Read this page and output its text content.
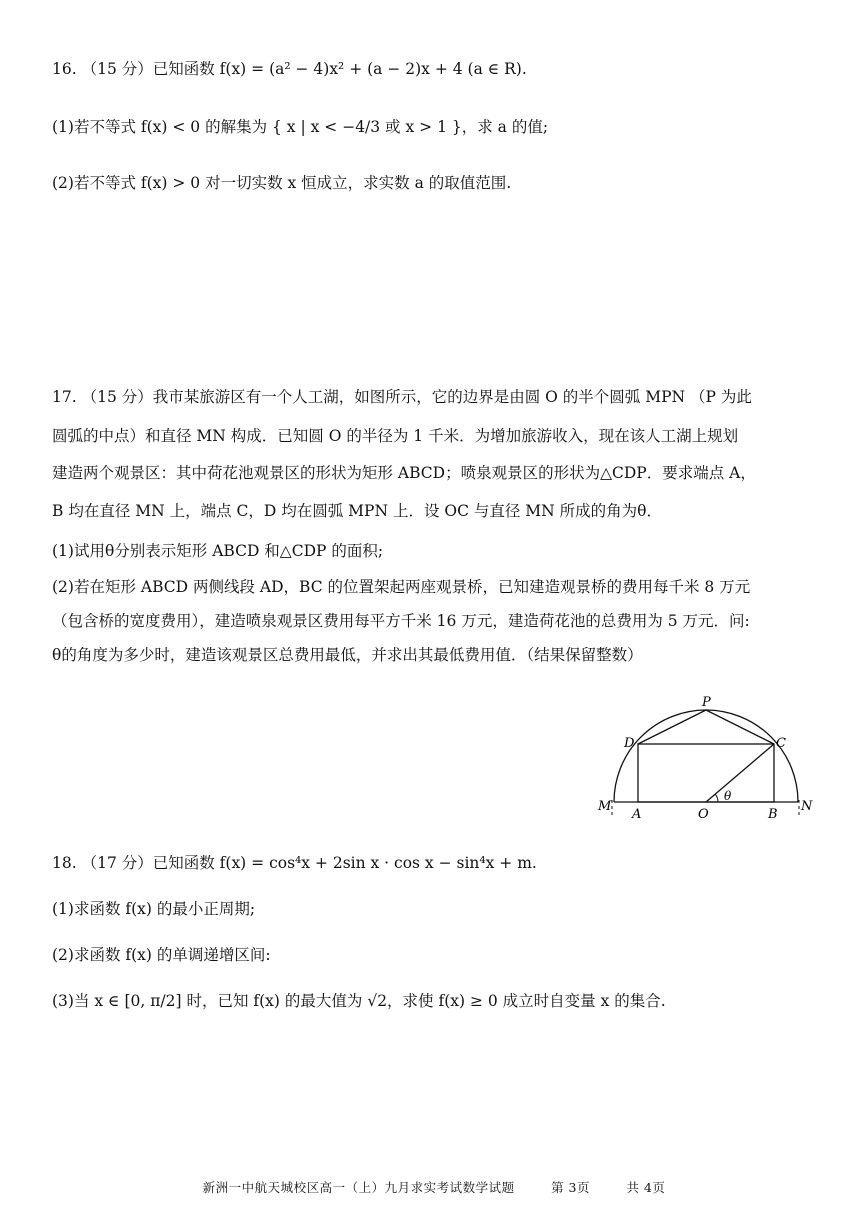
16. （15 分）已知函数 f(x) = (a² − 4)x² + (a − 2)x + 4 (a ∈ R).
(1)若不等式 f(x) < 0 的解集为 { x | x < −4/3 或 x > 1 }，求 a 的值;
(2)若不等式 f(x) > 0 对一切实数 x 恒成立，求实数 a 的取值范围.
17. （15 分）我市某旅游区有一个人工湖，如图所示，它的边界是由圆 O 的半个圆弧 MPN （P 为此
圆弧的中点）和直径 MN 构成．已知圆 O 的半径为 1 千米．为增加旅游收入，现在该人工湖上规划
建造两个观景区：其中荷花池观景区的形状为矩形 ABCD；喷泉观景区的形状为△CDP．要求端点 A，
B 均在直径 MN 上，端点 C，D 均在圆弧 MPN 上．设 OC 与直径 MN 所成的角为θ．
(1)试用θ分别表示矩形 ABCD 和△CDP 的面积;
(2)若在矩形 ABCD 两侧线段 AD，BC 的位置架起两座观景桥，已知建造观景桥的费用每千米 8 万元
（包含桥的宽度费用），建造喷泉观景区费用每平方千米 16 万元，建造荷花池的总费用为 5 万元．问:
θ的角度为多少时，建造该观景区总费用最低，并求出其最低费用值．（结果保留整数）
P
D	C
M
A	O	B
N
θ
18. （17 分）已知函数 f(x) = cos⁴x + 2sin x · cos x − sin⁴x + m.
(1)求函数 f(x) 的最小正周期;
(2)求函数 f(x) 的单调递增区间:
(3)当 x ∈ [0, π/2] 时，已知 f(x) 的最大值为 √2，求使 f(x) ≥ 0 成立时自变量 x 的集合.
新洲一中航天城校区高一（上）九月求实考试数学试题	第 3页	共 4页
